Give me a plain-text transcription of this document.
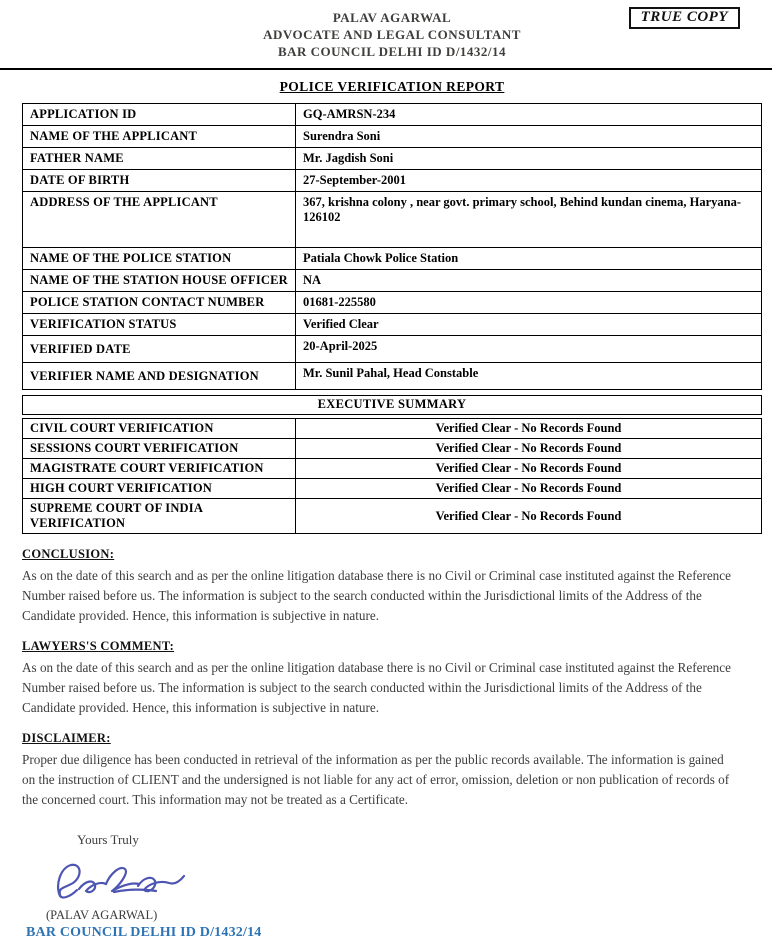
TRUE COPY
PALAV AGARWAL
ADVOCATE AND LEGAL CONSULTANT
BAR COUNCIL DELHI ID D/1432/14
POLICE VERIFICATION REPORT
APPLICATION ID	GQ-AMRSN-234
NAME OF THE APPLICANT	Surendra Soni
FATHER NAME	Mr. Jagdish Soni
DATE OF BIRTH	27-September-2001
ADDRESS OF THE APPLICANT	367, krishna colony , near govt. primary school, Behind kundan cinema, Haryana-126102
NAME OF THE POLICE STATION	Patiala Chowk Police Station
NAME OF THE STATION HOUSE OFFICER	NA
POLICE STATION CONTACT NUMBER	01681-225580
VERIFICATION STATUS	Verified Clear
VERIFIED DATE	20-April-2025
VERIFIER NAME AND DESIGNATION	Mr. Sunil Pahal, Head Constable
EXECUTIVE SUMMARY
CIVIL COURT VERIFICATION	Verified Clear - No Records Found
SESSIONS COURT VERIFICATION	Verified Clear - No Records Found
MAGISTRATE COURT VERIFICATION	Verified Clear - No Records Found
HIGH COURT VERIFICATION	Verified Clear - No Records Found
SUPREME COURT OF INDIA VERIFICATION	Verified Clear - No Records Found
CONCLUSION:
As on the date of this search and as per the online litigation database there is no Civil or Criminal case instituted against the Reference Number raised before us. The information is subject to the search conducted within the Jurisdictional limits of the Address of the Candidate provided. Hence, this information is subjective in nature.
LAWYERS'S COMMENT:
As on the date of this search and as per the online litigation database there is no Civil or Criminal case instituted against the Reference Number raised before us. The information is subject to the search conducted within the Jurisdictional limits of the Address of the Candidate provided. Hence, this information is subjective in nature.
DISCLAIMER:
Proper due diligence has been conducted in retrieval of the information as per the public records available. The information is gained on the instruction of CLIENT and the undersigned is not liable for any act of error, omission, deletion or non publication of records of the concerned court. This information may not be treated as a Certificate.
Yours Truly
(PALAV AGARWAL)
BAR COUNCIL DELHI ID D/1432/14
